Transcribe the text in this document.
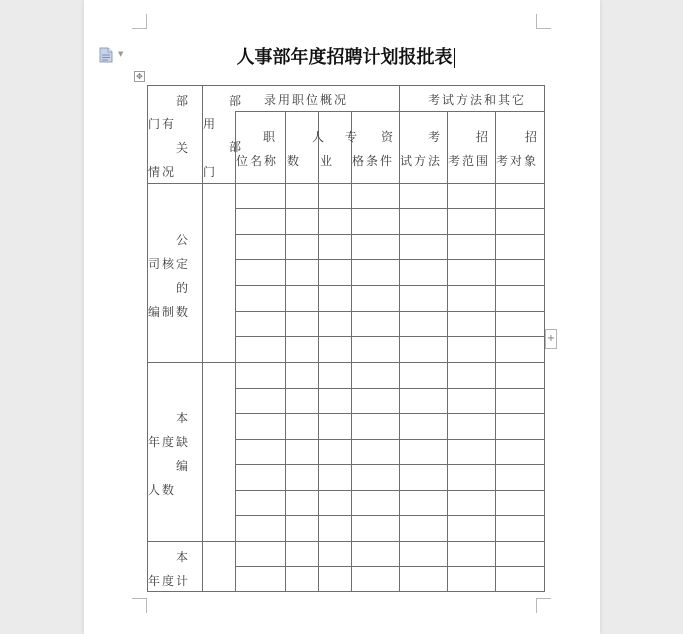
▼	人事部年度招聘计划报批表
✥
+
部
门有
关
情况
用
门
部
部
录用职位概况	考试方法和其它
职
位名称
人
数
专
业
资
格条件
考
试方法
招
考范围
招
考对象
公
司核定
的
编制数
本
年度缺
编
人数
本
年度计
